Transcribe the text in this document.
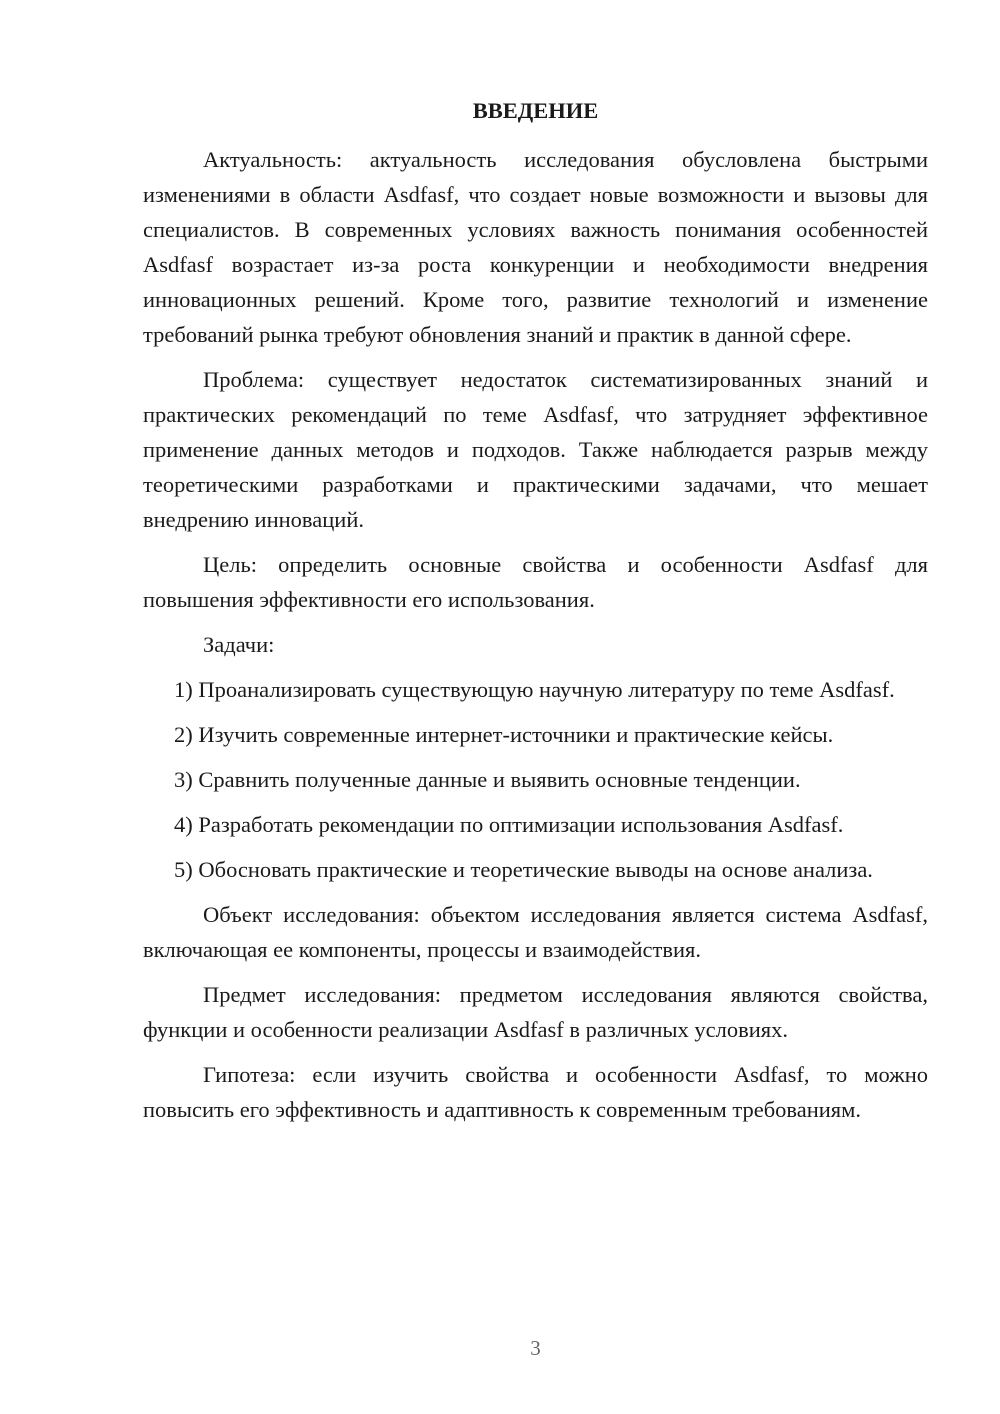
ВВЕДЕНИЕ

Актуальность: актуальность исследования обусловлена быстрыми изменениями в области Asdfasf, что создает новые возможности и вызовы для специалистов. В современных условиях важность понимания особенностей Asdfasf возрастает из-за роста конкуренции и необходимости внедрения инновационных решений. Кроме того, развитие технологий и изменение требований рынка требуют обновления знаний и практик в данной сфере.

Проблема: существует недостаток систематизированных знаний и практических рекомендаций по теме Asdfasf, что затрудняет эффективное применение данных методов и подходов. Также наблюдается разрыв между теоретическими разработками и практическими задачами, что мешает внедрению инноваций.

Цель: определить основные свойства и особенности Asdfasf для повышения эффективности его использования.

Задачи:

1) Проанализировать существующую научную литературу по теме Asdfasf.

2) Изучить современные интернет-источники и практические кейсы.

3) Сравнить полученные данные и выявить основные тенденции.

4) Разработать рекомендации по оптимизации использования Asdfasf.

5) Обосновать практические и теоретические выводы на основе анализа.

Объект исследования: объектом исследования является система Asdfasf, включающая ее компоненты, процессы и взаимодействия.

Предмет исследования: предметом исследования являются свойства, функции и особенности реализации Asdfasf в различных условиях.

Гипотеза: если изучить свойства и особенности Asdfasf, то можно повысить его эффективность и адаптивность к современным требованиям.

3
